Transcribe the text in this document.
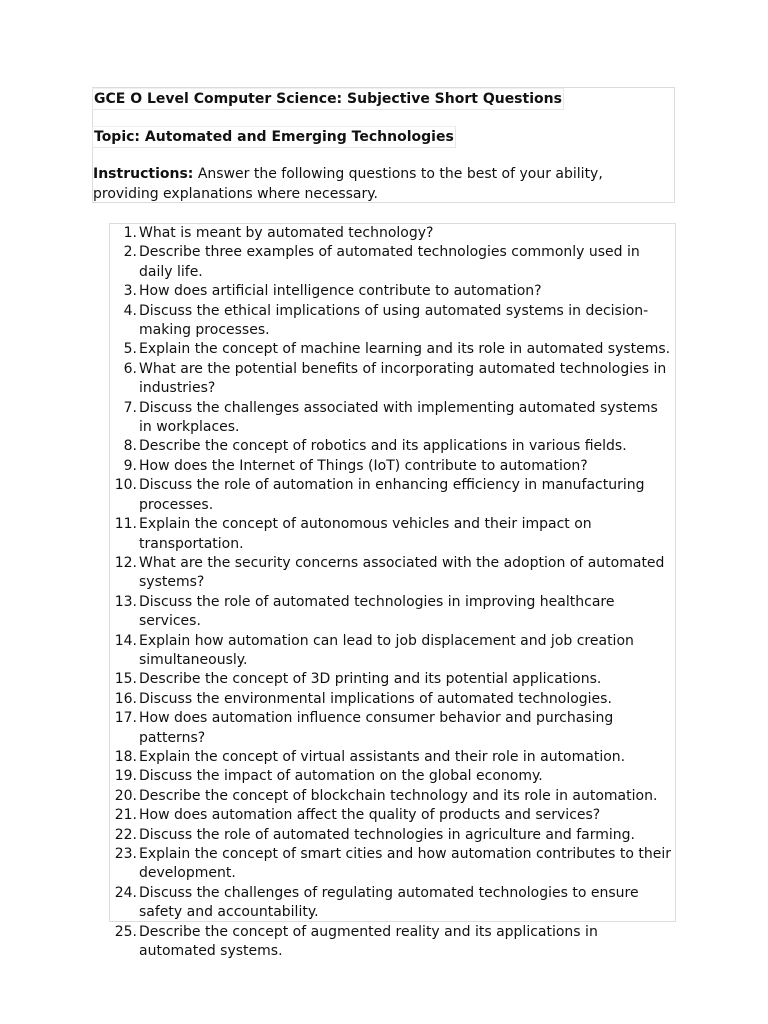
GCE O Level Computer Science: Subjective Short Questions
Topic: Automated and Emerging Technologies

Instructions: Answer the following questions to the best of your ability, providing explanations where necessary.

1. What is meant by automated technology?
2. Describe three examples of automated technologies commonly used in daily life.
3. How does artificial intelligence contribute to automation?
4. Discuss the ethical implications of using automated systems in decision-making processes.
5. Explain the concept of machine learning and its role in automated systems.
6. What are the potential benefits of incorporating automated technologies in industries?
7. Discuss the challenges associated with implementing automated systems in workplaces.
8. Describe the concept of robotics and its applications in various fields.
9. How does the Internet of Things (IoT) contribute to automation?
10. Discuss the role of automation in enhancing efficiency in manufacturing processes.
11. Explain the concept of autonomous vehicles and their impact on transportation.
12. What are the security concerns associated with the adoption of automated systems?
13. Discuss the role of automated technologies in improving healthcare services.
14. Explain how automation can lead to job displacement and job creation simultaneously.
15. Describe the concept of 3D printing and its potential applications.
16. Discuss the environmental implications of automated technologies.
17. How does automation influence consumer behavior and purchasing patterns?
18. Explain the concept of virtual assistants and their role in automation.
19. Discuss the impact of automation on the global economy.
20. Describe the concept of blockchain technology and its role in automation.
21. How does automation affect the quality of products and services?
22. Discuss the role of automated technologies in agriculture and farming.
23. Explain the concept of smart cities and how automation contributes to their development.
24. Discuss the challenges of regulating automated technologies to ensure safety and accountability.
25. Describe the concept of augmented reality and its applications in automated systems.
